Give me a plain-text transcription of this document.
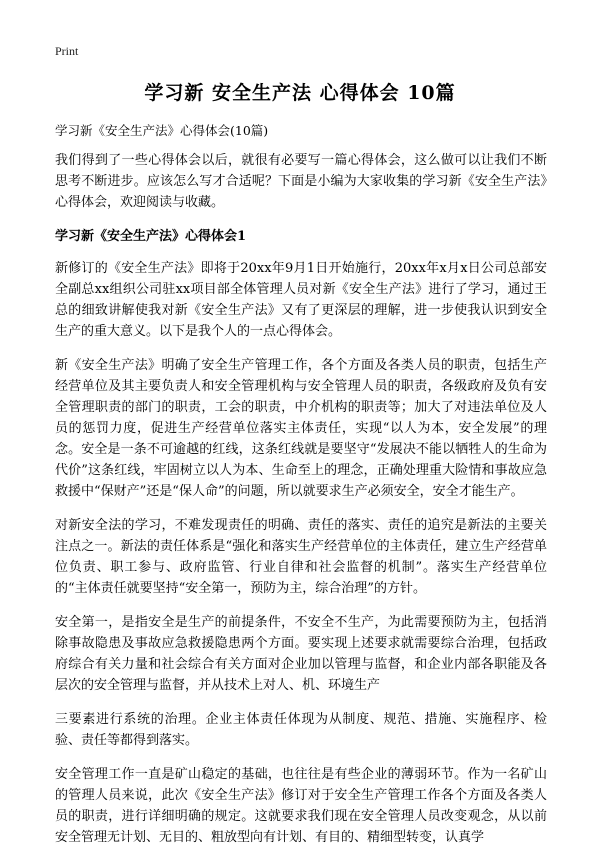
Print
学习新 安全生产法 心得体会 10篇
学习新《安全生产法》心得体会(10篇)

我们得到了一些心得体会以后，就很有必要写一篇心得体会，这么做可以让我们不断思考不断进步。应该怎么写才合适呢？下面是小编为大家收集的学习新《安全生产法》心得体会，欢迎阅读与收藏。

学习新《安全生产法》心得体会1

新修订的《安全生产法》即将于20xx年9月1日开始施行，20xx年x月x日公司总部安全副总xx组织公司驻xx项目部全体管理人员对新《安全生产法》进行了学习，通过王总的细致讲解使我对新《安全生产法》又有了更深层的理解，进一步使我认识到安全生产的重大意义。以下是我个人的一点心得体会。

新《安全生产法》明确了安全生产管理工作，各个方面及各类人员的职责，包括生产经营单位及其主要负责人和安全管理机构与安全管理人员的职责，各级政府及负有安全管理职责的部门的职责，工会的职责，中介机构的职责等；加大了对违法单位及人员的惩罚力度，促进生产经营单位落实主体责任，实现“以人为本，安全发展”的理念。安全是一条不可逾越的红线，这条红线就是要坚守“发展决不能以牺牲人的生命为代价”这条红线，牢固树立以人为本、生命至上的理念，正确处理重大险情和事故应急救援中“保财产”还是“保人命”的问题，所以就要求生产必须安全，安全才能生产。

对新安全法的学习，不难发现责任的明确、责任的落实、责任的追究是新法的主要关注点之一。新法的责任体系是“强化和落实生产经营单位的主体责任，建立生产经营单位负责、职工参与、政府监管、行业自律和社会监督的机制”。落实生产经营单位的“主体责任就要坚持“安全第一，预防为主，综合治理”的方针。

安全第一，是指安全是生产的前提条件，不安全不生产，为此需要预防为主，包括消除事故隐患及事故应急救援隐患两个方面。要实现上述要求就需要综合治理，包括政府综合有关力量和社会综合有关方面对企业加以管理与监督，和企业内部各职能及各层次的安全管理与监督，并从技术上对人、机、环境生产

三要素进行系统的治理。企业主体责任体现为从制度、规范、措施、实施程序、检验、责任等都得到落实。

安全管理工作一直是矿山稳定的基础，也往往是有些企业的薄弱环节。作为一名矿山的管理人员来说，此次《安全生产法》修订对于安全生产管理工作各个方面及各类人员的职责，进行详细明确的规定。这就要求我们现在安全管理人员改变观念，从以前安全管理无计划、无目的、粗放型向有计划、有目的、精细型转变，认真学
